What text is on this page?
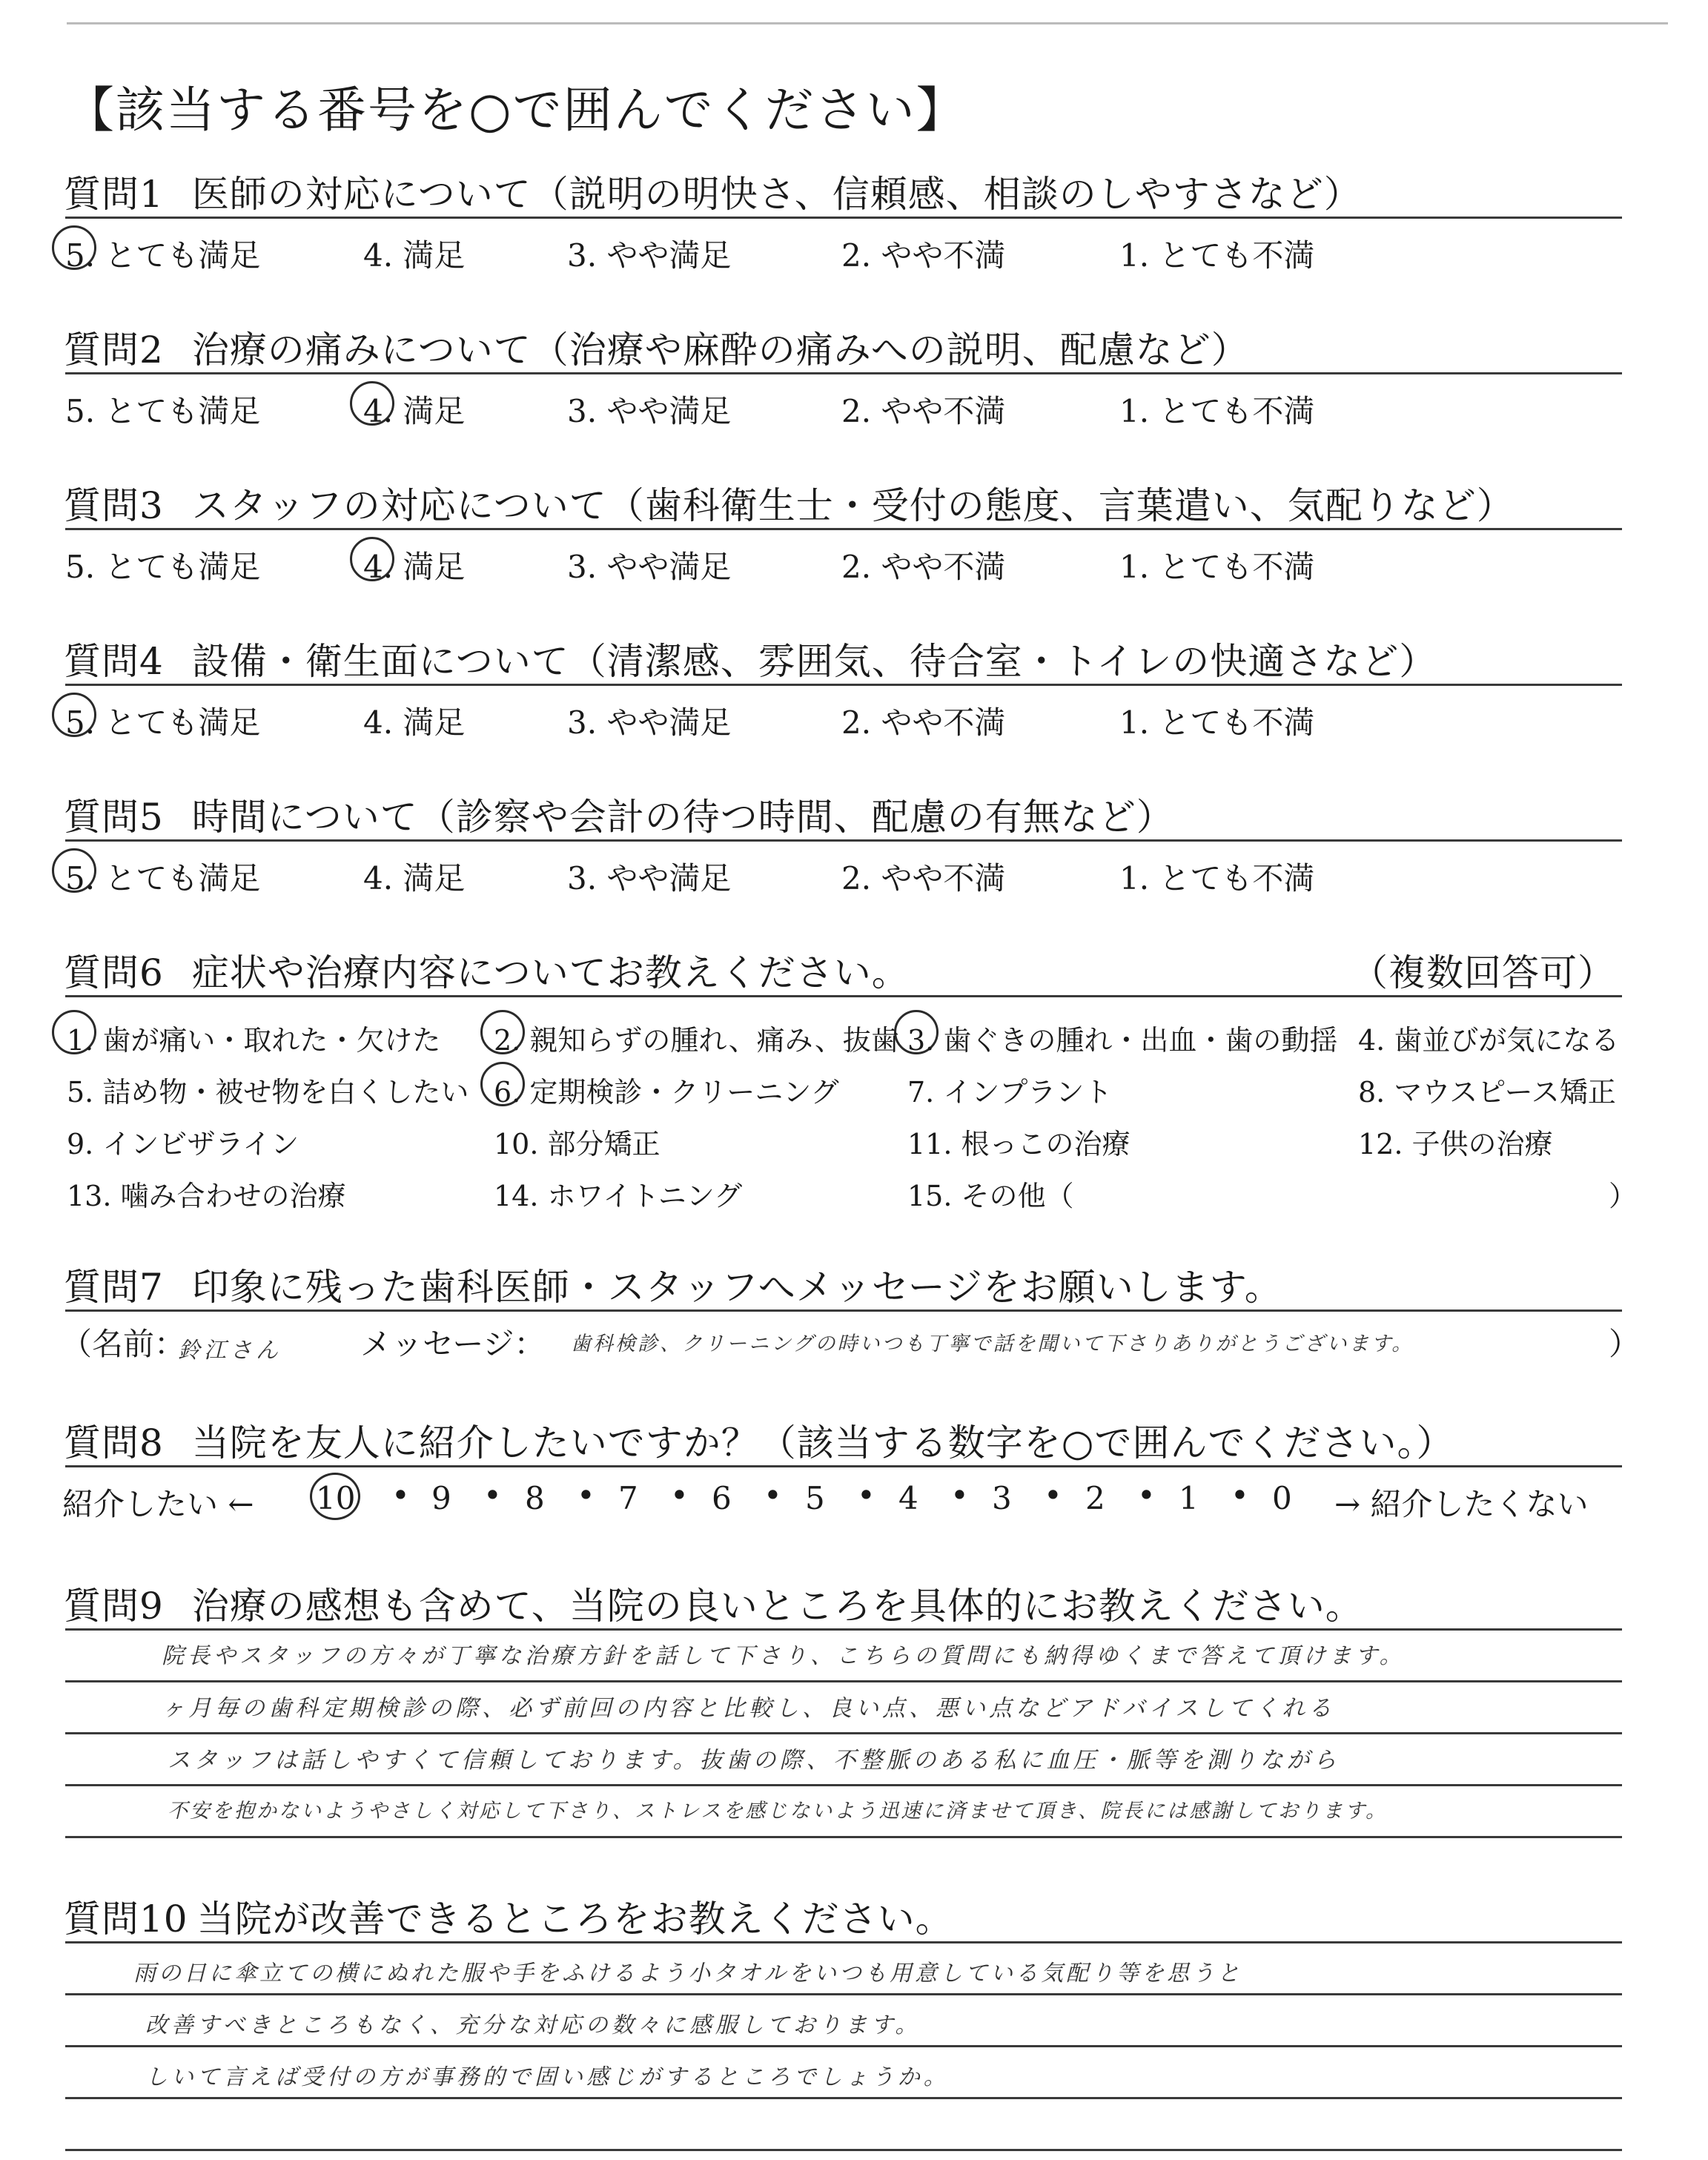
【該当する番号を○で囲んでください】
質問1 医師の対応について（説明の明快さ、信頼感、相談のしやすさなど）
5. とても満足	4. 満足	3. やや満足	2. やや不満	1. とても不満
質問2 治療の痛みについて（治療や麻酔の痛みへの説明、配慮など）
5. とても満足	4. 満足	3. やや満足	2. やや不満	1. とても不満
質問3 スタッフの対応について（歯科衛生士・受付の態度、言葉遣い、気配りなど）
5. とても満足	4. 満足	3. やや満足	2. やや不満	1. とても不満
質問4 設備・衛生面について（清潔感、雰囲気、待合室・トイレの快適さなど）
5. とても満足	4. 満足	3. やや満足	2. やや不満	1. とても不満
質問5 時間について（診察や会計の待つ時間、配慮の有無など）
5. とても満足	4. 満足	3. やや満足	2. やや不満	1. とても不満
質問6 症状や治療内容についてお教えください。	（複数回答可）
1. 歯が痛い・取れた・欠けた 2. 親知らずの腫れ、痛み、抜歯 3. 歯ぐきの腫れ・出血・歯の動揺 4. 歯並びが気になる
5. 詰め物・被せ物を白くしたい 6. 定期検診・クリーニング 7. インプラント	8. マウスピース矯正
9. インビザライン	10. 部分矯正	11. 根っこの治療	12. 子供の治療
13. 噛み合わせの治療	14. ホワイトニング	15. その他（	）
質問7 印象に残った歯科医師・スタッフへメッセージをお願いします。
（名前：
鈴江さん	メッセージ： 歯科検診、クリーニングの時いつも丁寧で話を聞いて下さりありがとうございます。	）
質問8 当院を友人に紹介したいですか？（該当する数字を○で囲んでください。）
紹介したい ← 10 • 9 • 8 • 7 • 6 • 5 • 4 • 3 • 2 • 1 • 0 → 紹介したくない
質問9 治療の感想も含めて、当院の良いところを具体的にお教えください。
院長やスタッフの方々が丁寧な治療方針を話して下さり、こちらの質問にも納得ゆくまで答えて頂けます。
ヶ月毎の歯科定期検診の際、必ず前回の内容と比較し、良い点、悪い点などアドバイスしてくれる
スタッフは話しやすくて信頼しております。抜歯の際、不整脈のある私に血圧・脈等を測りながら
不安を抱かないようやさしく対応して下さり、ストレスを感じないよう迅速に済ませて頂き、院長には感謝しております。
質問10 当院が改善できるところをお教えください。
雨の日に傘立ての横にぬれた服や手をふけるよう小タオルをいつも用意している気配り等を思うと
改善すべきところもなく、充分な対応の数々に感服しております。
しいて言えば受付の方が事務的で固い感じがするところでしょうか。
